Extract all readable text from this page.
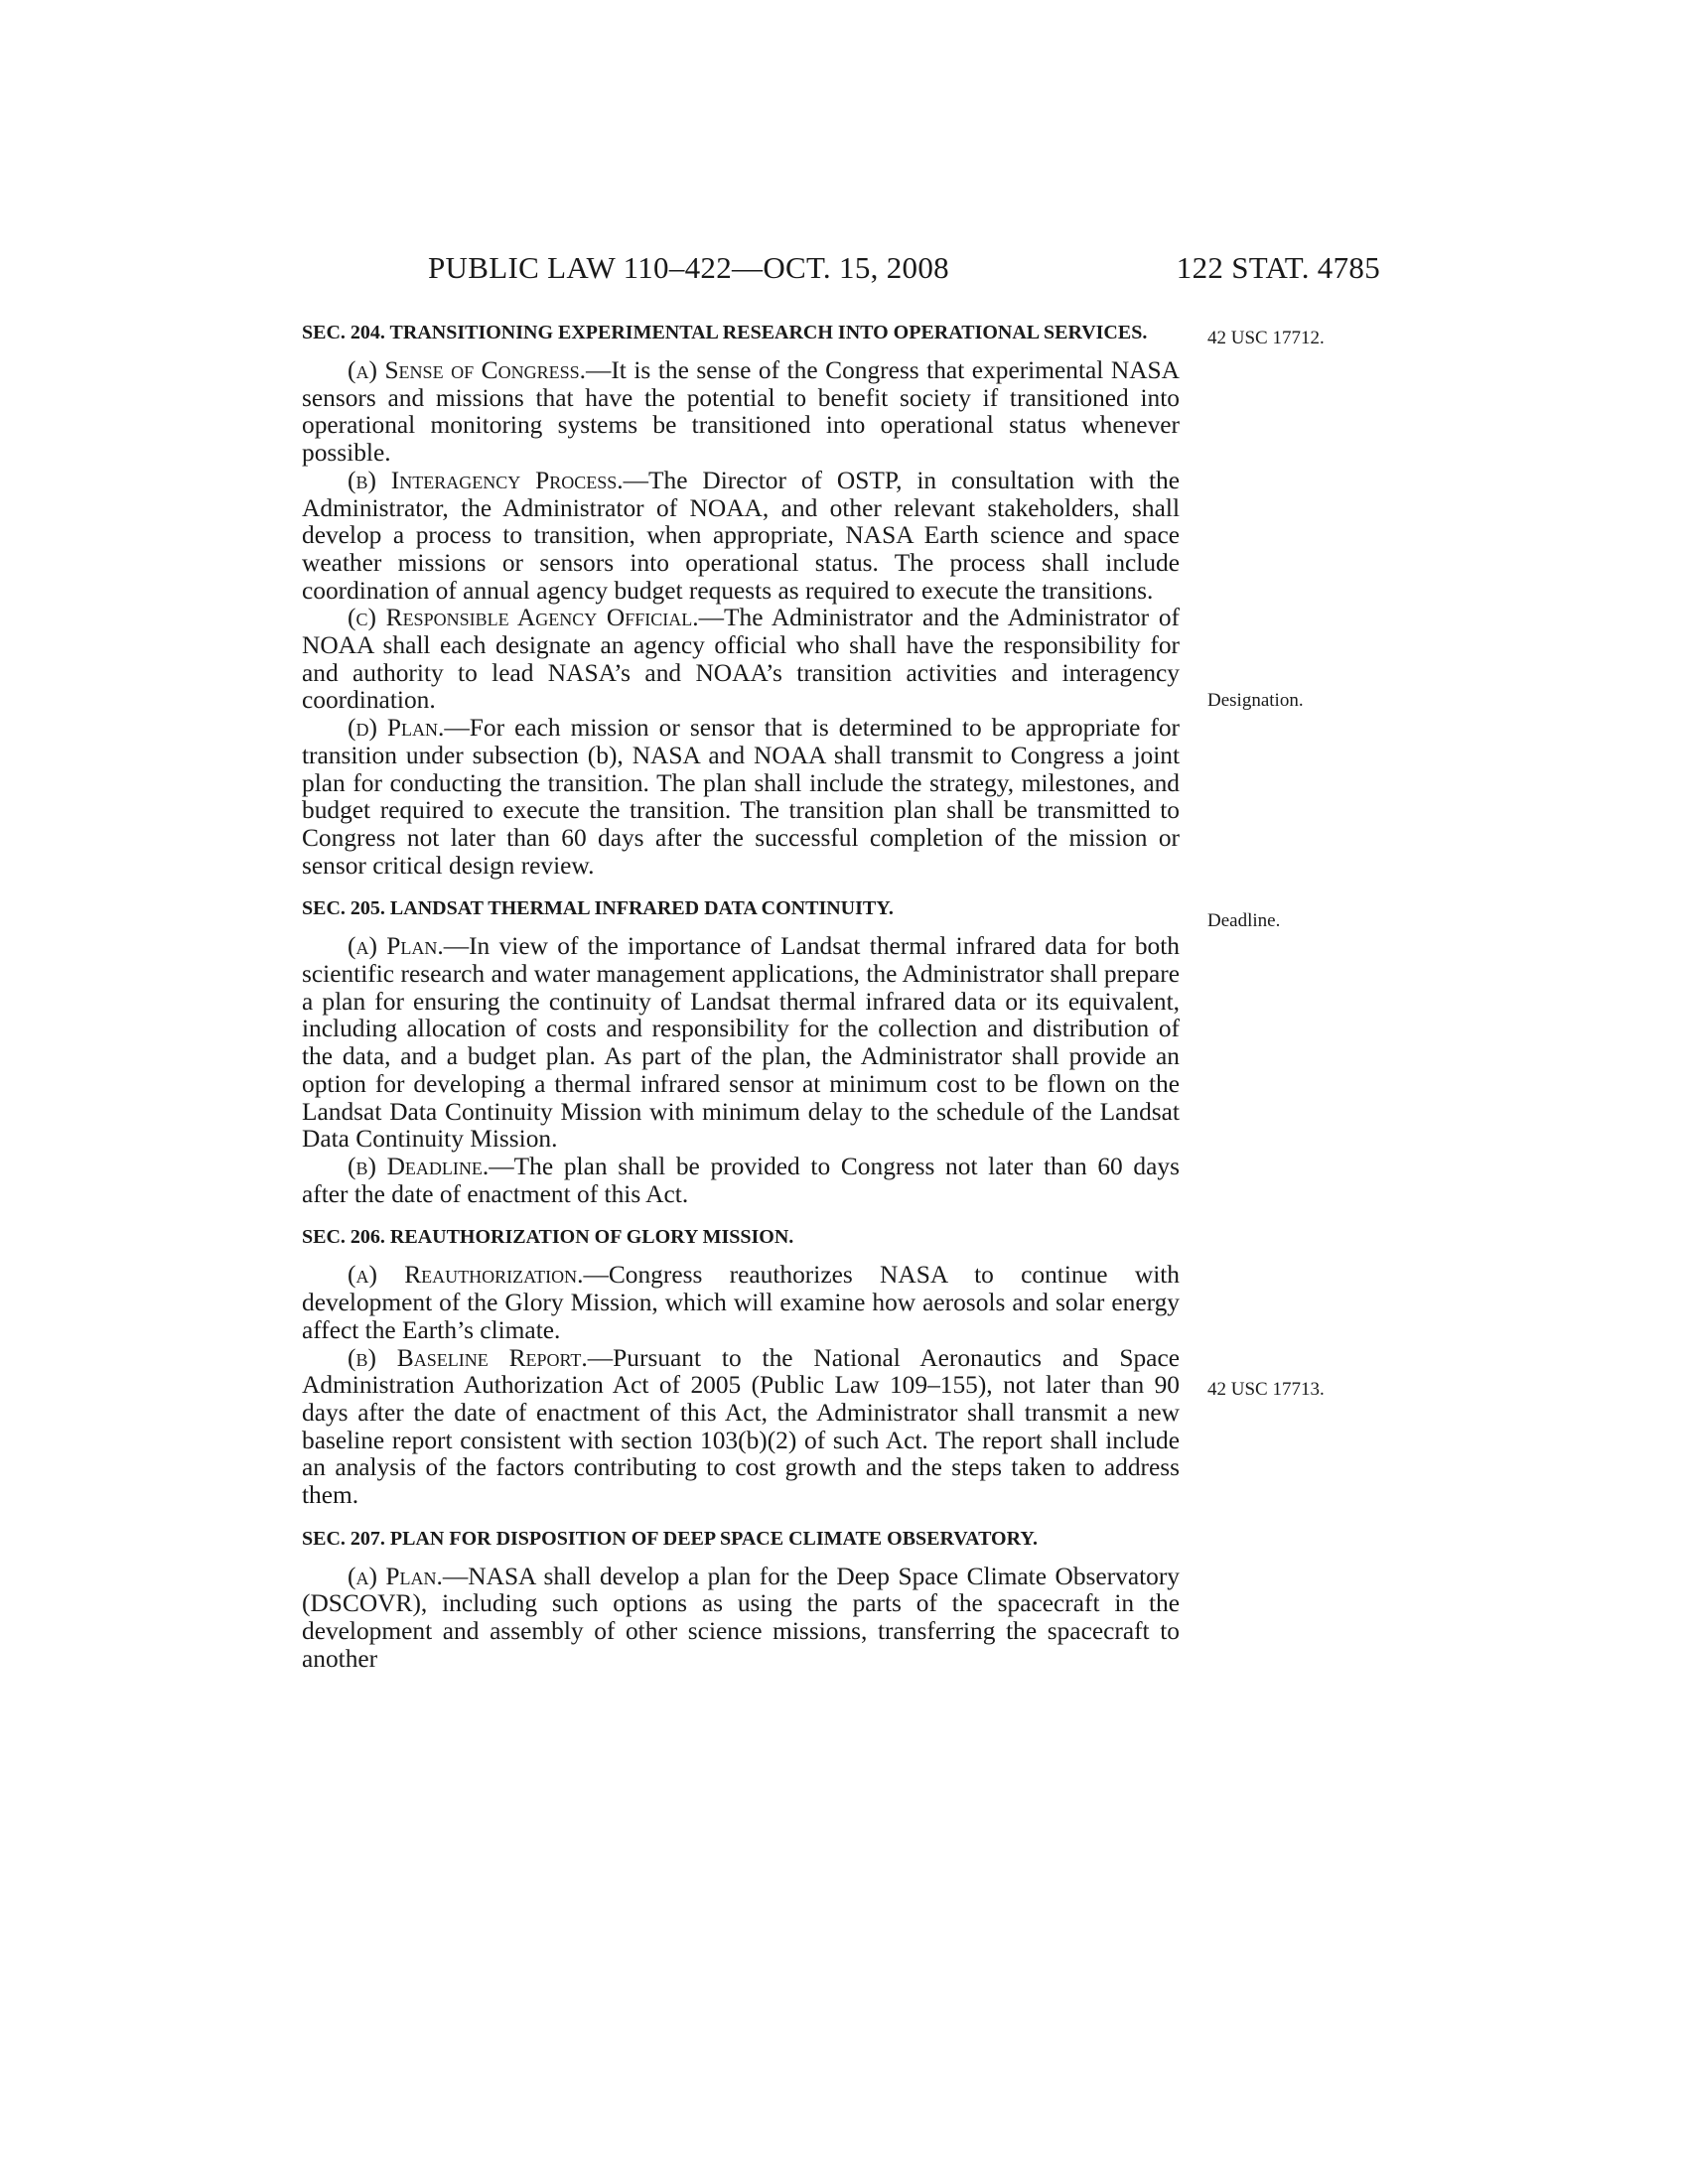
PUBLIC LAW 110–422—OCT. 15, 2008	122 STAT. 4785
42 USC 17712.
Designation.
Deadline.
42 USC 17713.
SEC. 204. TRANSITIONING EXPERIMENTAL RESEARCH INTO OPERATIONAL SERVICES.

(a) Sense of Congress.—It is the sense of the Congress that experimental NASA sensors and missions that have the potential to benefit society if transitioned into operational monitoring systems be transitioned into operational status whenever possible.

(b) Interagency Process.—The Director of OSTP, in consultation with the Administrator, the Administrator of NOAA, and other relevant stakeholders, shall develop a process to transition, when appropriate, NASA Earth science and space weather missions or sensors into operational status. The process shall include coordination of annual agency budget requests as required to execute the transitions.

(c) Responsible Agency Official.—The Administrator and the Administrator of NOAA shall each designate an agency official who shall have the responsibility for and authority to lead NASA’s and NOAA’s transition activities and interagency coordination.

(d) Plan.—For each mission or sensor that is determined to be appropriate for transition under subsection (b), NASA and NOAA shall transmit to Congress a joint plan for conducting the transition. The plan shall include the strategy, milestones, and budget required to execute the transition. The transition plan shall be transmitted to Congress not later than 60 days after the successful completion of the mission or sensor critical design review.

SEC. 205. LANDSAT THERMAL INFRARED DATA CONTINUITY.

(a) Plan.—In view of the importance of Landsat thermal infrared data for both scientific research and water management applications, the Administrator shall prepare a plan for ensuring the continuity of Landsat thermal infrared data or its equivalent, including allocation of costs and responsibility for the collection and distribution of the data, and a budget plan. As part of the plan, the Administrator shall provide an option for developing a thermal infrared sensor at minimum cost to be flown on the Landsat Data Continuity Mission with minimum delay to the schedule of the Landsat Data Continuity Mission.

(b) Deadline.—The plan shall be provided to Congress not later than 60 days after the date of enactment of this Act.

SEC. 206. REAUTHORIZATION OF GLORY MISSION.

(a) Reauthorization.—Congress reauthorizes NASA to continue with development of the Glory Mission, which will examine how aerosols and solar energy affect the Earth’s climate.

(b) Baseline Report.—Pursuant to the National Aeronautics and Space Administration Authorization Act of 2005 (Public Law 109–155), not later than 90 days after the date of enactment of this Act, the Administrator shall transmit a new baseline report consistent with section 103(b)(2) of such Act. The report shall include an analysis of the factors contributing to cost growth and the steps taken to address them.

SEC. 207. PLAN FOR DISPOSITION OF DEEP SPACE CLIMATE OBSERVATORY.

(a) Plan.—NASA shall develop a plan for the Deep Space Climate Observatory (DSCOVR), including such options as using the parts of the spacecraft in the development and assembly of other science missions, transferring the spacecraft to another
